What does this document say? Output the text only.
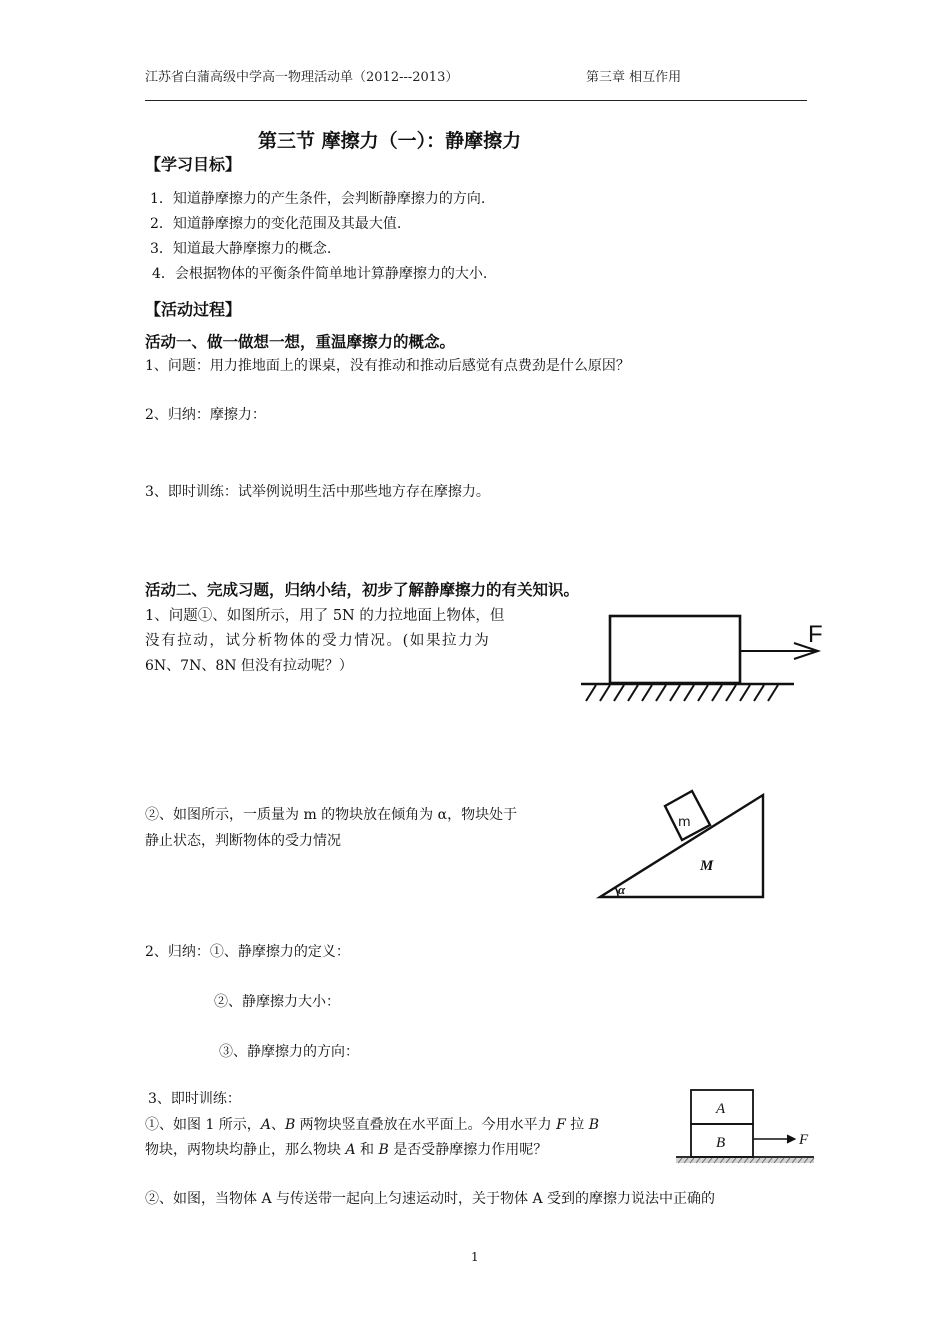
江苏省白蒲高级中学高一物理活动单（2012---2013）	第三章 相互作用
第三节 摩擦力（一）：静摩擦力
【学习目标】
1．知道静摩擦力的产生条件，会判断静摩擦力的方向.
2．知道静摩擦力的变化范围及其最大值.
3．知道最大静摩擦力的概念.
4．会根据物体的平衡条件简单地计算静摩擦力的大小.
【活动过程】
活动一、做一做想一想，重温摩擦力的概念。
1、问题：用力推地面上的课桌，没有推动和推动后感觉有点费劲是什么原因？
2、归纳：摩擦力：
3、即时训练：试举例说明生活中那些地方存在摩擦力。
活动二、完成习题，归纳小结，初步了解静摩擦力的有关知识。
1、问题①、如图所示，用了 5N 的力拉地面上物体，但
没有拉动，试分析物体的受力情况。(如果拉力为
6N、7N、8N 但没有拉动呢？）
F
②、如图所示，一质量为 m 的物块放在倾角为 α，物块处于
静止状态，判断物体的受力情况
m
M
α
2、归纳：①、静摩擦力的定义：
②、静摩擦力大小：
③、静摩擦力的方向：
3、即时训练：
①、如图 1 所示，A、B 两物块竖直叠放在水平面上。今用水平力 F 拉 B
物块，两物块均静止，那么物块 A 和 B 是否受静摩擦力作用呢？
A
B	F
②、如图，当物体 A 与传送带一起向上匀速运动时，关于物体 A 受到的摩擦力说法中正确的
1
